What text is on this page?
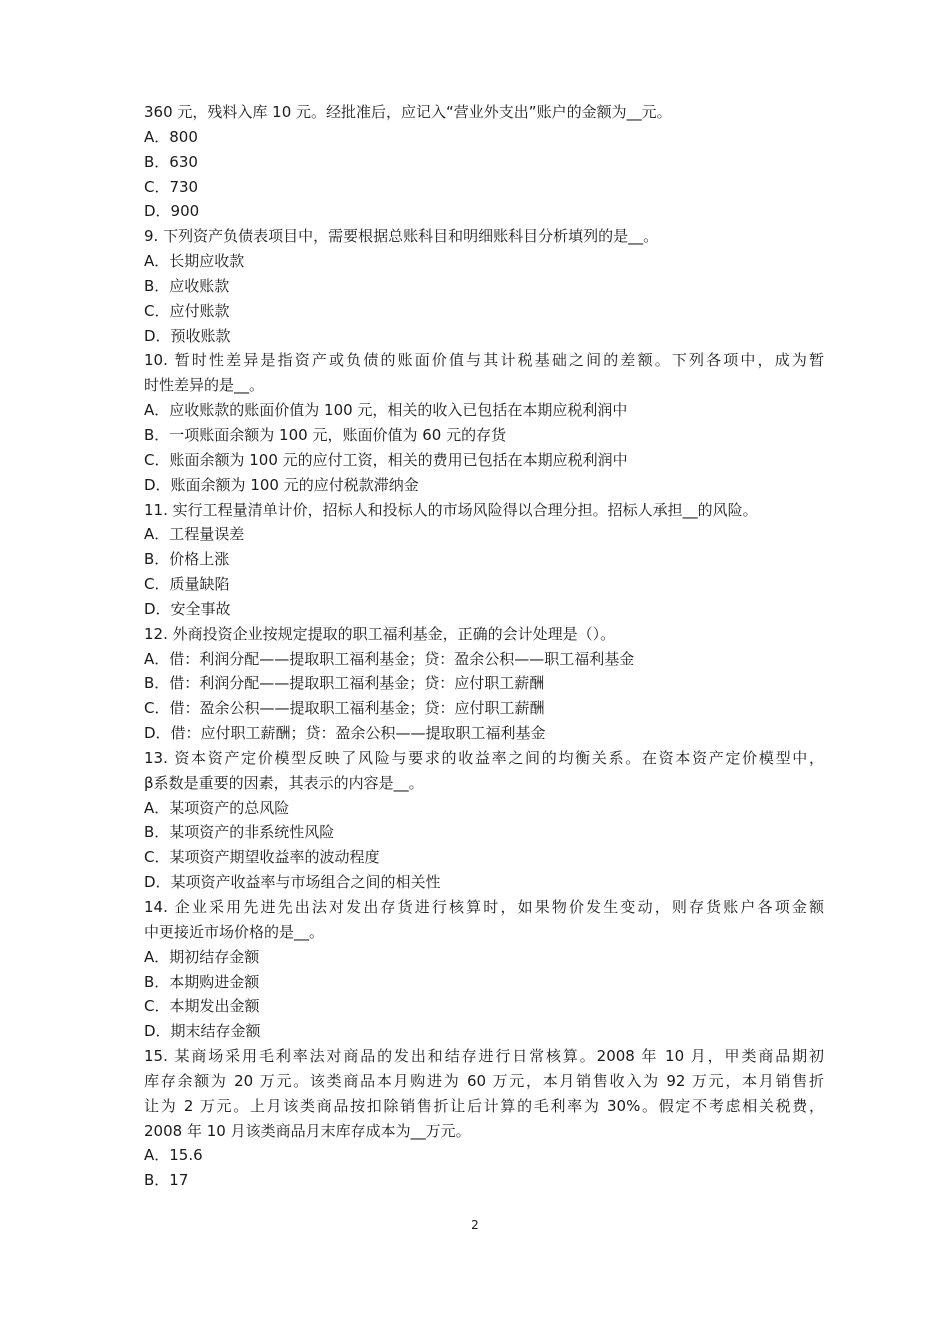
360 元，残料入库 10 元。经批准后，应记入“营业外支出”账户的金额为__元。
A．800
B．630
C．730
D．900
9. 下列资产负债表项目中，需要根据总账科目和明细账科目分析填列的是__。
A．长期应收款
B．应收账款
C．应付账款
D．预收账款
10. 暂时性差异是指资产或负债的账面价值与其计税基础之间的差额。下列各项中，成为暂
时性差异的是__。
A．应收账款的账面价值为 100 元，相关的收入已包括在本期应税利润中
B．一项账面余额为 100 元，账面价值为 60 元的存货
C．账面余额为 100 元的应付工资，相关的费用已包括在本期应税利润中
D．账面余额为 100 元的应付税款滞纳金
11. 实行工程量清单计价，招标人和投标人的市场风险得以合理分担。招标人承担__的风险。
A．工程量误差
B．价格上涨
C．质量缺陷
D．安全事故
12. 外商投资企业按规定提取的职工福利基金，正确的会计处理是（）。
A．借：利润分配——提取职工福利基金；贷：盈余公积——职工福利基金
B．借：利润分配——提取职工福利基金；贷：应付职工薪酬
C．借：盈余公积——提取职工福利基金；贷：应付职工薪酬
D．借：应付职工薪酬；贷：盈余公积——提取职工福利基金
13. 资本资产定价模型反映了风险与要求的收益率之间的均衡关系。在资本资产定价模型中，
β系数是重要的因素，其表示的内容是__。
A．某项资产的总风险
B．某项资产的非系统性风险
C．某项资产期望收益率的波动程度
D．某项资产收益率与市场组合之间的相关性
14. 企业采用先进先出法对发出存货进行核算时，如果物价发生变动，则存货账户各项金额
中更接近市场价格的是__。
A．期初结存金额
B．本期购进金额
C．本期发出金额
D．期末结存金额
15. 某商场采用毛利率法对商品的发出和结存进行日常核算。2008 年 10 月，甲类商品期初
库存余额为 20 万元。该类商品本月购进为 60 万元，本月销售收入为 92 万元，本月销售折
让为 2 万元。上月该类商品按扣除销售折让后计算的毛利率为 30%。假定不考虑相关税费，
2008 年 10 月该类商品月末库存成本为__万元。
A．15.6
B．17
2
